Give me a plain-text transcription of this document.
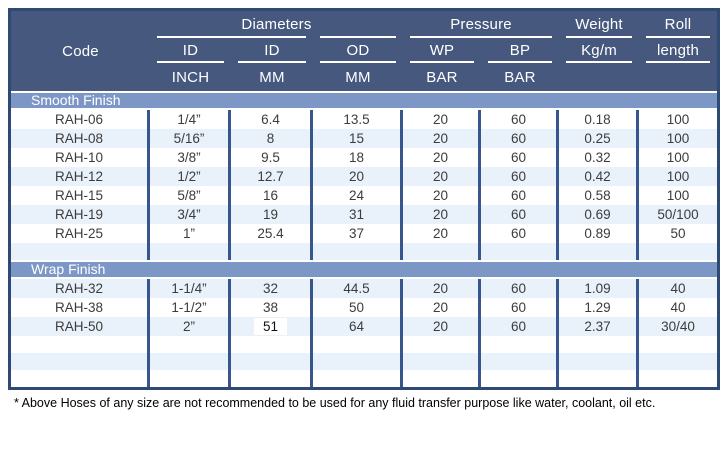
Code
Diameters	Pressure	Weight	Roll
ID	ID	OD	WP	BP	Kg/m	length
INCH	MM	MM	BAR	BAR
Smooth Finish
RAH-06	1/4”	6.4	13.5	20	60	0.18	100
RAH-08	5/16”	8	15	20	60	0.25	100
RAH-10	3/8”	9.5	18	20	60	0.32	100
RAH-12	1/2”	12.7	20	20	60	0.42	100
RAH-15	5/8”	16	24	20	60	0.58	100
RAH-19	3/4”	19	31	20	60	0.69	50/100
RAH-25	1”	25.4	37	20	60	0.89	50
Wrap Finish
RAH-32	1-1/4”	32	44.5	20	60	1.09	40
RAH-38	1-1/2”	38	50	20	60	1.29	40
RAH-50	2”	51	64	20	60	2.37	30/40
* Above Hoses of any size are not recommended to be used for any fluid transfer purpose like water, coolant, oil etc.
